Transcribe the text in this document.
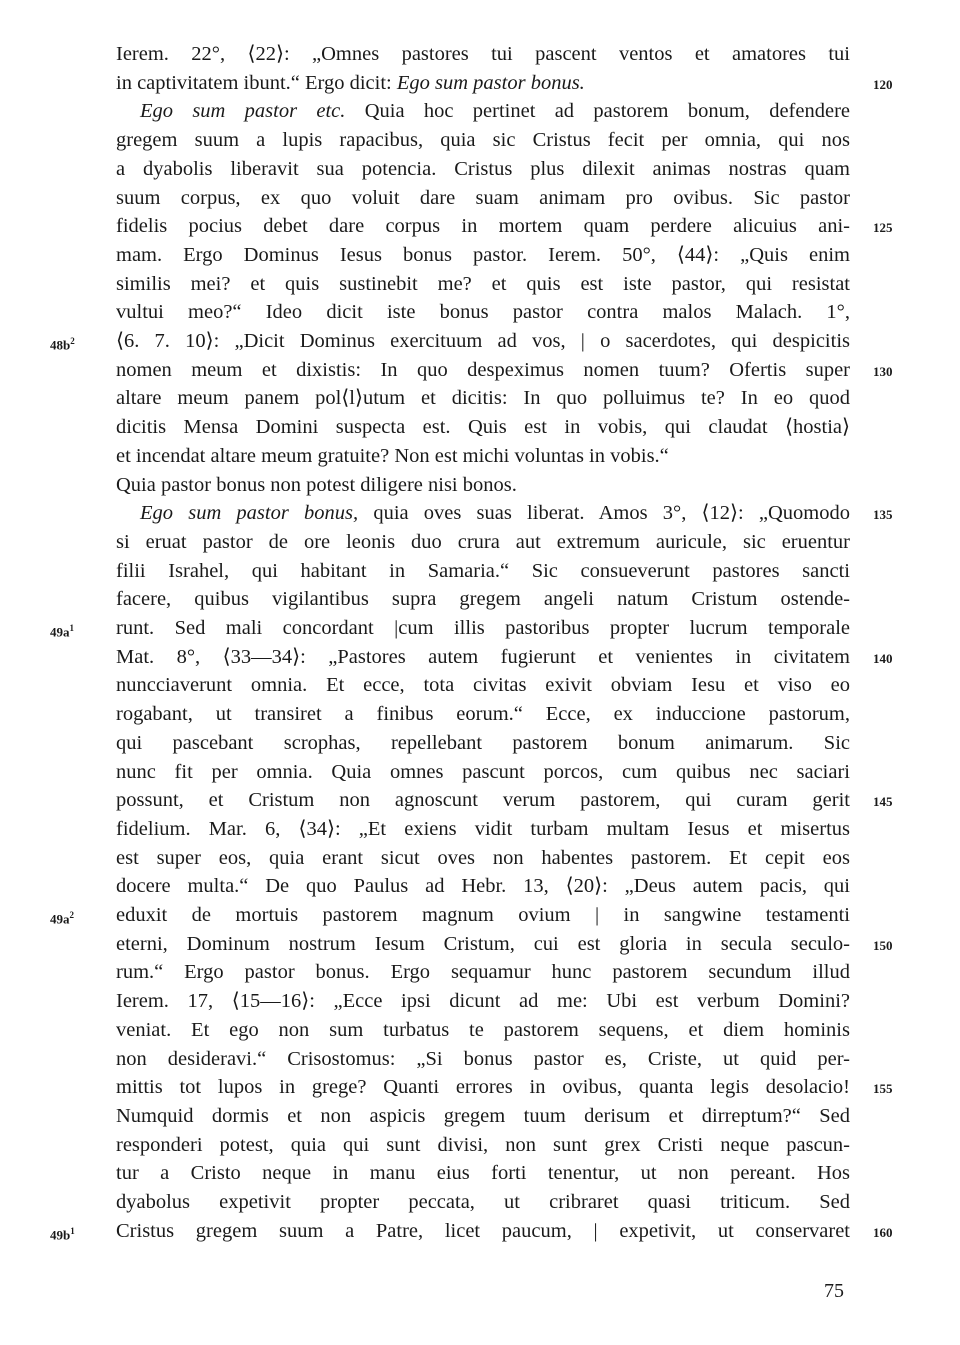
Ierem. 22°, ⟨22⟩: „Omnes pastores tui pascent ventos et amatores tui
in captivitatem ibunt.“ Ergo dicit: Ego sum pastor bonus.
Ego sum pastor etc. Quia hoc pertinet ad pastorem bonum, defendere
gregem suum a lupis rapacibus, quia sic Cristus fecit per omnia, qui nos
a dyabolis liberavit sua potencia. Cristus plus dilexit animas nostras quam
suum corpus, ex quo voluit dare suam animam pro ovibus. Sic pastor
fidelis pocius debet dare corpus in mortem quam perdere alicuius ani-
mam. Ergo Dominus Iesus bonus pastor. Ierem. 50°, ⟨44⟩: „Quis enim
similis mei? et quis sustinebit me? et quis est iste pastor, qui resistat
vultui meo?“ Ideo dicit iste bonus pastor contra malos Malach. 1°,
⟨6. 7. 10⟩: „Dicit Dominus exercituum ad vos, | o sacerdotes, qui despicitis
nomen meum et dixistis: In quo despeximus nomen tuum? Ofertis super
altare meum panem pol⟨l⟩utum et dicitis: In quo polluimus te? In eo quod
dicitis Mensa Domini suspecta est. Quis est in vobis, qui claudat ⟨hostia⟩
et incendat altare meum gratuite? Non est michi voluntas in vobis.“
Quia pastor bonus non potest diligere nisi bonos.
Ego sum pastor bonus, quia oves suas liberat. Amos 3°, ⟨12⟩: „Quomodo
si eruat pastor de ore leonis duo crura aut extremum auricule, sic eruentur
filii Israhel, qui habitant in Samaria.“ Sic consueverunt pastores sancti
facere, quibus vigilantibus supra gregem angeli natum Cristum ostende-
runt. Sed mali concordant |cum illis pastoribus propter lucrum temporale
Mat. 8°, ⟨33—34⟩: „Pastores autem fugierunt et venientes in civitatem
nuncciaverunt omnia. Et ecce, tota civitas exivit obviam Iesu et viso eo
rogabant, ut transiret a finibus eorum.“ Ecce, ex induccione pastorum,
qui pascebant scrophas, repellebant pastorem bonum animarum. Sic
nunc fit per omnia. Quia omnes pascunt porcos, cum quibus nec saciari
possunt, et Cristum non agnoscunt verum pastorem, qui curam gerit
fidelium. Mar. 6, ⟨34⟩: „Et exiens vidit turbam multam Iesus et misertus
est super eos, quia erant sicut oves non habentes pastorem. Et cepit eos
docere multa.“ De quo Paulus ad Hebr. 13, ⟨20⟩: „Deus autem pacis, qui
eduxit de mortuis pastorem magnum ovium | in sangwine testamenti
eterni, Dominum nostrum Iesum Cristum, cui est gloria in secula seculo-
rum.“ Ergo pastor bonus. Ergo sequamur hunc pastorem secundum illud
Ierem. 17, ⟨15—16⟩: „Ecce ipsi dicunt ad me: Ubi est verbum Domini?
veniat. Et ego non sum turbatus te pastorem sequens, et diem hominis
non desideravi.“ Crisostomus: „Si bonus pastor es, Criste, ut quid per-
mittis tot lupos in grege? Quanti errores in ovibus, quanta legis desolacio!
Numquid dormis et non aspicis gregem tuum derisum et dirreptum?“ Sed
responderi potest, quia qui sunt divisi, non sunt grex Cristi neque pascun-
tur a Cristo neque in manu eius forti tenentur, ut non pereant. Hos
dyabolus expetivit propter peccata, ut cribraret quasi triticum. Sed
Cristus gregem suum a Patre, licet paucum, | expetivit, ut conservaret
120
125
130
135
140
145
150
155
160
$48b^2$
$49a^1$
$49a^2$
$49b^1$
75
